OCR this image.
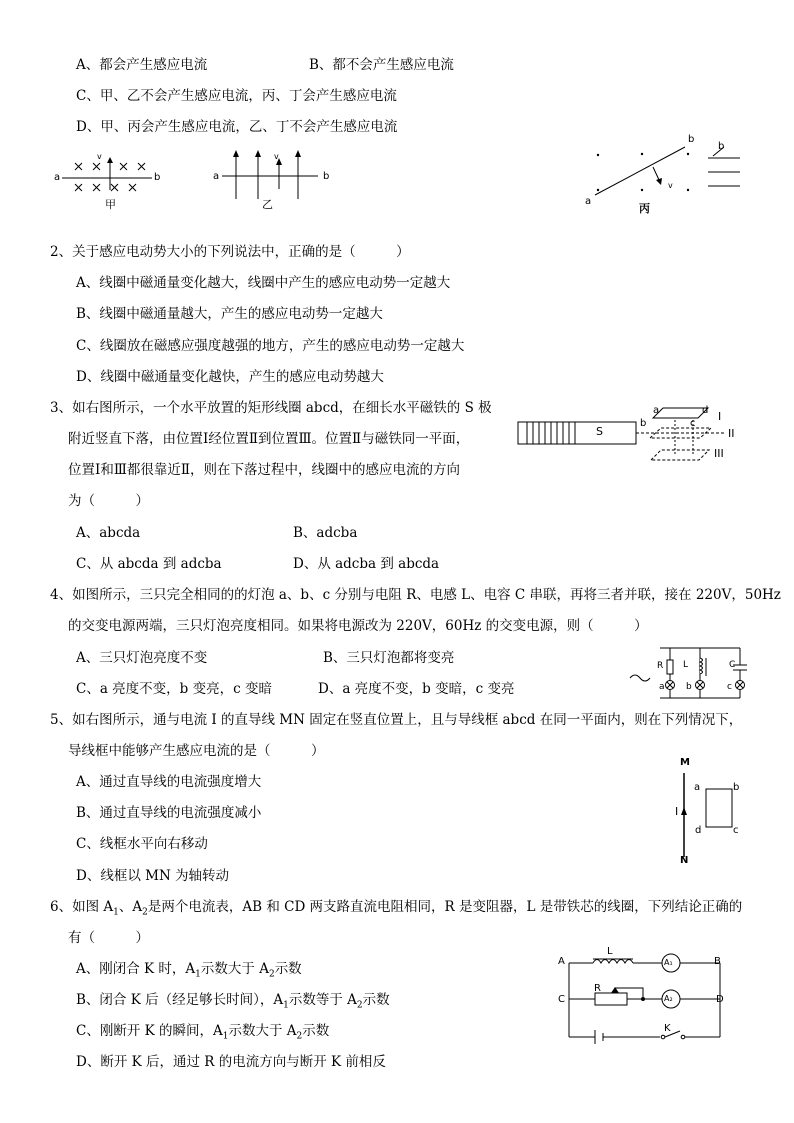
A、都会产生感应电流	B、都不会产生感应电流
C、甲、乙不会产生感应电流，丙、丁会产生感应电流
D、甲、丙会产生感应电流，乙、丁不会产生感应电流
a	b
v
甲
a	b
v
乙	a
b
v
丙
b
2、关于感应电动势大小的下列说法中，正确的是（　　　）
A、线圈中磁通量变化越大，线圈中产生的感应电动势一定越大
B、线圈中磁通量越大，产生的感应电动势一定越大
C、线圈放在磁感应强度越强的地方，产生的感应电动势一定越大
D、线圈中磁通量变化越快，产生的感应电动势越大
3、如右图所示，一个水平放置的矩形线圈 abcd，在细长水平磁铁的 S 极
附近竖直下落，由位置Ⅰ经位置Ⅱ到位置Ⅲ。位置Ⅱ与磁铁同一平面，
位置Ⅰ和Ⅲ都很靠近Ⅱ，则在下落过程中，线圈中的感应电流的方向
为（　　　）
A、abcda	B、adcba
C、从 abcda 到 adcba	D、从 adcba 到 abcda
S
a
b	c
d I
II
III
4、如图所示，三只完全相同的的灯泡 a、b、c 分别与电阻 R、电感 L、电容 C 串联，再将三者并联，接在 220V，50Hz
的交变电源两端，三只灯泡亮度相同。如果将电源改为 220V，60Hz 的交变电源，则（　　　）
A、三只灯泡亮度不变	B、三只灯泡都将变亮
C、a 亮度不变，b 变亮，c 变暗	D、a 亮度不变，b 变暗，c 变亮
R L	C
a b	c
5、如右图所示，通与电流 I 的直导线 MN 固定在竖直位置上，且与导线框 abcd 在同一平面内，则在下列情况下，
导线框中能够产生感应电流的是（　　　）
A、通过直导线的电流强度增大
B、通过直导线的电流强度减小
C、线框水平向右移动
D、线框以 MN 为轴转动
M
N
I
a	b
c
d
6、如图 $A_1$、$A_2$是两个电流表，AB 和 CD 两支路直流电阻相同，R 是变阻器，L 是带铁芯的线圈，下列结论正确的
有（　　　）
A、刚闭合 K 时，$A_1$示数大于 $A_2$示数
B、闭合 K 后（经足够长时间），$A_1$示数等于 $A_2$示数
C、刚断开 K 的瞬间，$A_1$示数大于 $A_2$示数
D、断开 K 后，通过 R 的电流方向与断开 K 前相反
A	B
C	D
L
R
K
A₁
A₂
